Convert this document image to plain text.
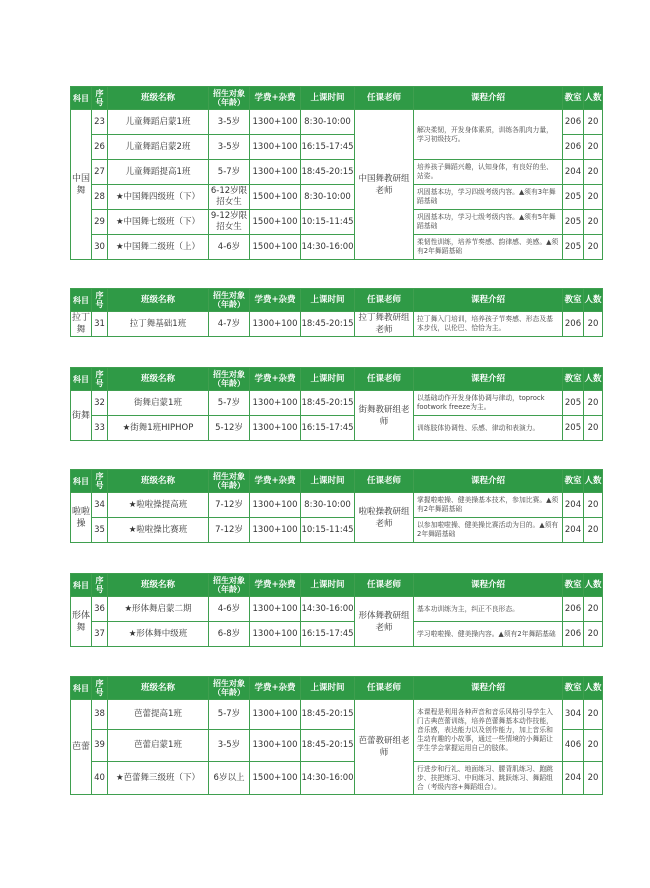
科目	序号	班级名称	招生对象（年龄）	学费+杂费	上课时间	任课老师	课程介绍	教室	人数
中国舞	23	儿童舞蹈启蒙1班	3-5岁	1300+100	8:30-10:00	中国舞教研组老师	解决柔韧，开发身体素质，训练各肌肉力量，学习初级技巧。	206	20
	26	儿童舞蹈启蒙2班	3-5岁	1300+100	16:15-17:45			206	20
	27	儿童舞蹈提高1班	5-7岁	1300+100	18:45-20:15		培养孩子舞蹈兴趣，认知身体，有良好的坐、站姿。	204	20
	28	★中国舞四级班（下）	6-12岁限招女生	1500+100	8:30-10:00		巩固基本功，学习四级考级内容。▲须有3年舞蹈基础	205	20
	29	★中国舞七级班（下）	9-12岁限招女生	1500+100	10:15-11:45		巩固基本功，学习七级考级内容。▲须有5年舞蹈基础	205	20
	30	★中国舞二级班（上）	4-6岁	1500+100	14:30-16:00		柔韧性训练，培养节奏感、韵律感、美感。▲须有2年舞蹈基础	205	20
科目	序号	班级名称	招生对象（年龄）	学费+杂费	上课时间	任课老师	课程介绍	教室	人数
拉丁舞	31	拉丁舞基础1班	4-7岁	1300+100	18:45-20:15	拉丁舞教研组老师	拉丁舞入门培训，培养孩子节奏感、形态及基本步伐，以伦巴、恰恰为主。	206	20
科目	序号	班级名称	招生对象（年龄）	学费+杂费	上课时间	任课老师	课程介绍	教室	人数
街舞	32	街舞启蒙1班	5-7岁	1300+100	18:45-20:15	街舞教研组老师	以基础动作开发身体协调与律动，toprock footwork freeze为主。	205	20
	33	★街舞1班HIPHOP	5-12岁	1300+100	16:15-17:45		训练肢体协调性、乐感、律动和表演力。	205	20
科目	序号	班级名称	招生对象（年龄）	学费+杂费	上课时间	任课老师	课程介绍	教室	人数
啦啦操	34	★啦啦操提高班	7-12岁	1300+100	8:30-10:00	啦啦操教研组老师	掌握啦啦操、健美操基本技术，参加比赛。▲须有2年舞蹈基础	204	20
	35	★啦啦操比赛班	7-12岁	1300+100	10:15-11:45		以参加啦啦操、健美操比赛活动为目的。▲须有2年舞蹈基础	204	20
科目	序号	班级名称	招生对象（年龄）	学费+杂费	上课时间	任课老师	课程介绍	教室	人数
形体舞	36	★形体舞启蒙二期	4-6岁	1300+100	14:30-16:00	形体舞教研组老师	基本功训练为主，纠正不良形态。	206	20
	37	★形体舞中级班	6-8岁	1300+100	16:15-17:45		学习啦啦操、健美操内容。▲须有2年舞蹈基础	206	20
科目	序号	班级名称	招生对象（年龄）	学费+杂费	上课时间	任课老师	课程介绍	教室	人数
芭蕾	38	芭蕾提高1班	5-7岁	1300+100	18:45-20:15	芭蕾教研组老师	本课程是利用各种声音和音乐风格引导学生入门古典芭蕾训练，培养芭蕾舞基本动作技能，音乐感，表达能力以及创作能力，加上音乐和生动有趣的小故事，通过一些情境的小舞蹈让学生学会掌握运用自己的肢体。	304	20
	39	芭蕾启蒙1班	3-5岁	1300+100	18:45-20:15			406	20
	40	★芭蕾舞三级班（下）	6岁以上	1500+100	14:30-16:00		行进步和行礼、地面练习、腰背肌练习、跑跳步、扶把练习、中间练习、跳跃练习、舞蹈组合（考级内容+舞蹈组合）。	204	20
